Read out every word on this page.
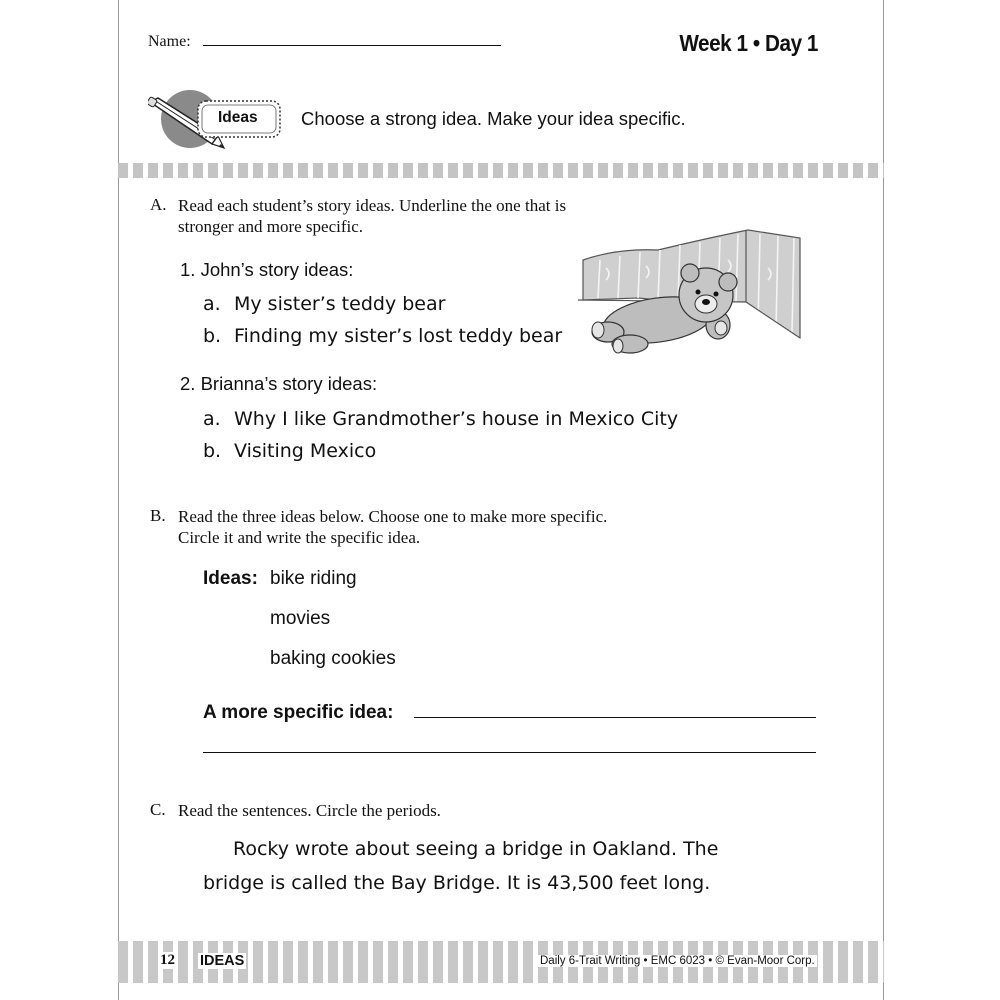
Name:	Week 1 • Day 1
Ideas Choose a strong idea. Make your idea specific.
A. Read each student’s story ideas. Underline the one that is
stronger and more specific.
1. John’s story ideas:
a. My sister’s teddy bear
b. Finding my sister’s lost teddy bear
2. Brianna’s story ideas:
a. Why I like Grandmother’s house in Mexico City
b. Visiting Mexico
B. Read the three ideas below. Choose one to make more specific.
Circle it and write the specific idea.
Ideas: bike riding
movies
baking cookies
A more specific idea:
C. Read the sentences. Circle the periods.
Rocky wrote about seeing a bridge in Oakland. The
bridge is called the Bay Bridge. It is 43,500 feet long.
12 IDEAS	Daily 6-Trait Writing • EMC 6023 • © Evan-Moor Corp.
